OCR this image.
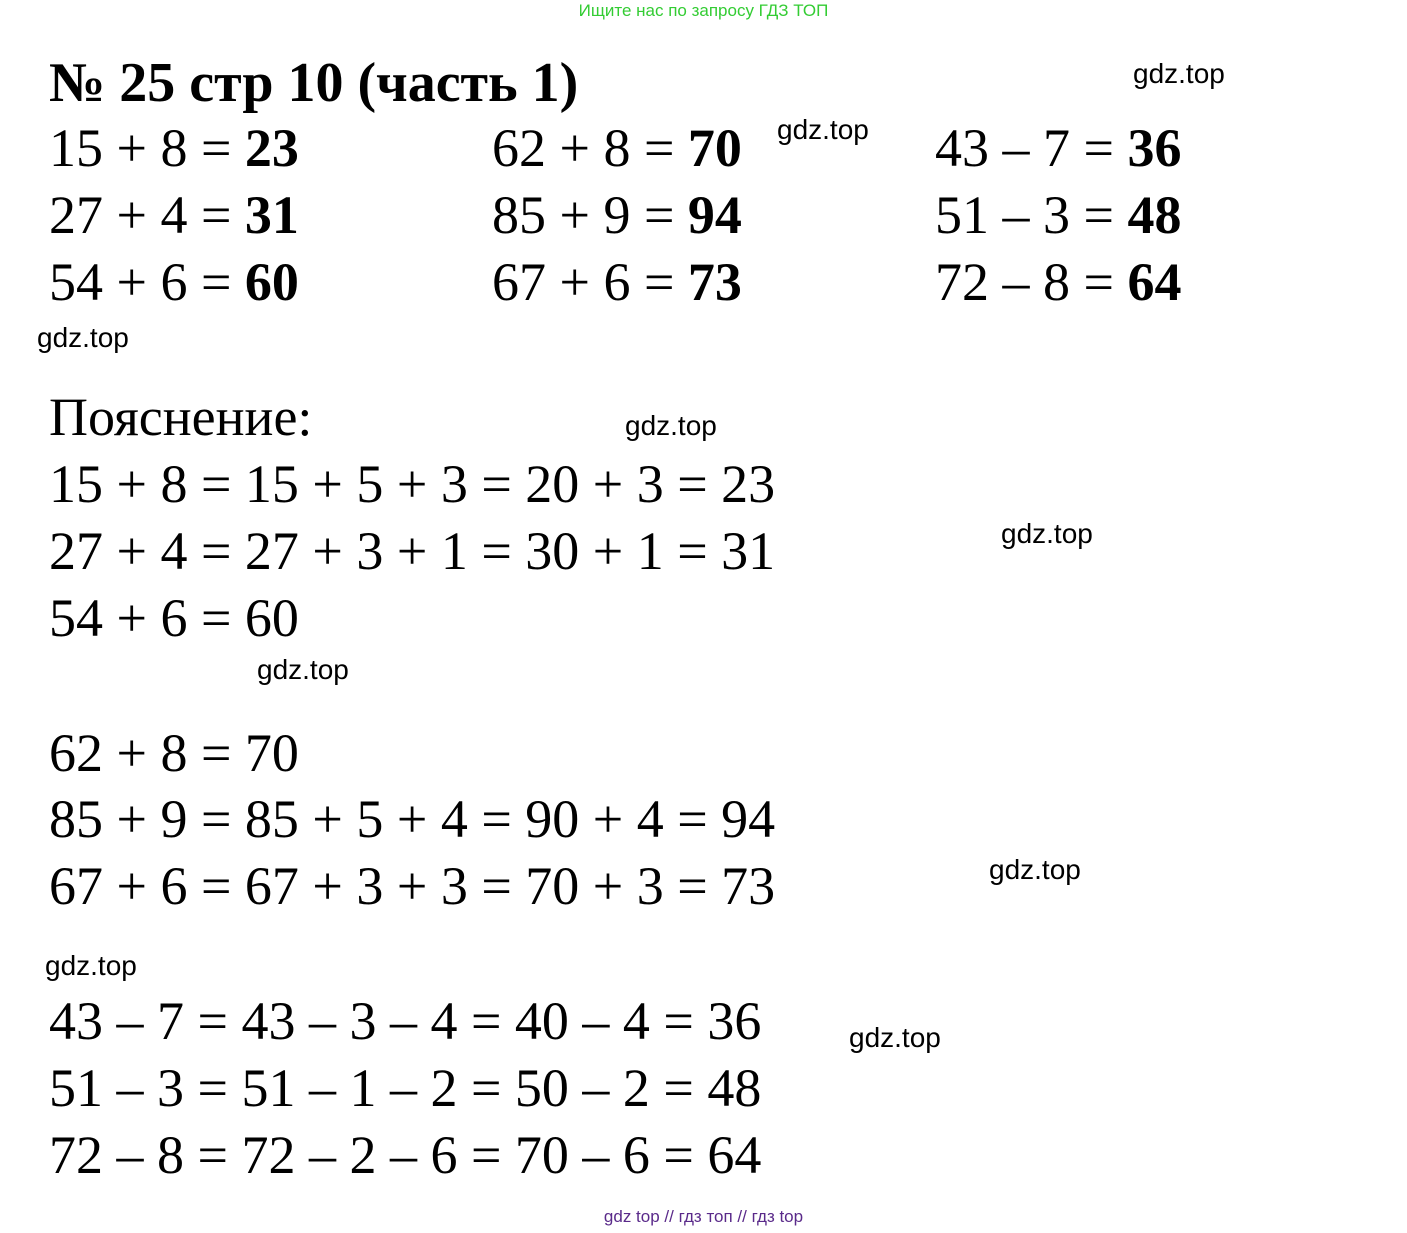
Ищите нас по запросу ГДЗ ТОП
№ 25 стр 10 (часть 1)
15 + 8 = 23
27 + 4 = 31
54 + 6 = 60
62 + 8 = 70
85 + 9 = 94
67 + 6 = 73
43 – 7 = 36
51 – 3 = 48
72 – 8 = 64
Пояснение:
15 + 8 = 15 + 5 + 3 = 20 + 3 = 23
27 + 4 = 27 + 3 + 1 = 30 + 1 = 31
54 + 6 = 60
62 + 8 = 70
85 + 9 = 85 + 5 + 4 = 90 + 4 = 94
67 + 6 = 67 + 3 + 3 = 70 + 3 = 73
43 – 7 = 43 – 3 – 4 = 40 – 4 = 36
51 – 3 = 51 – 1 – 2 = 50 – 2 = 48
72 – 8 = 72 – 2 – 6 = 70 – 6 = 64
gdz.top
gdz.top
gdz.top
gdz.top
gdz.top
gdz.top
gdz.top
gdz.top
gdz.top
gdz top // гдз топ // гдз top
